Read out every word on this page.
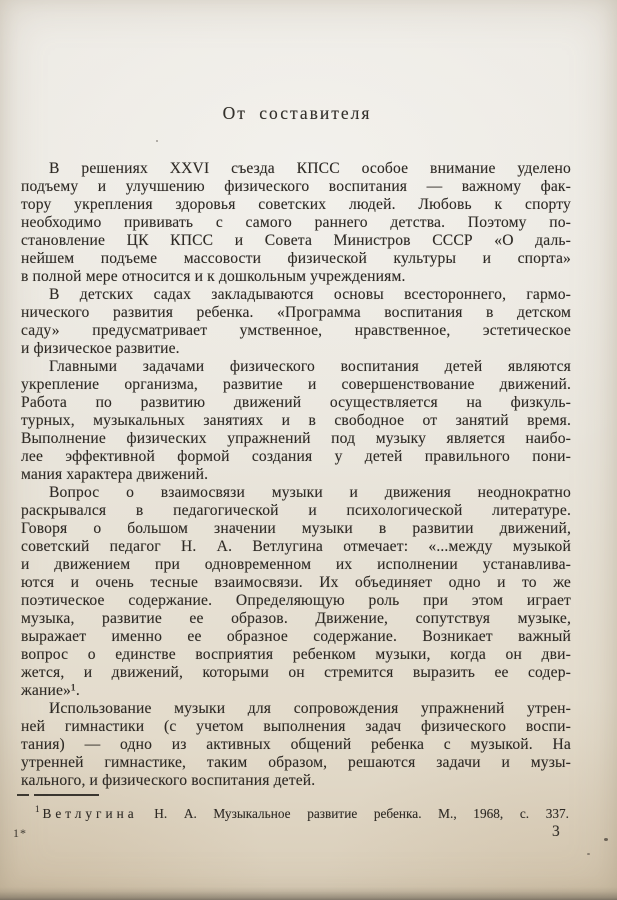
От составителя
В решениях XXVI съезда КПСС особое внимание уделено
подъему и улучшению физического воспитания — важному фак-
тору укрепления здоровья советских людей. Любовь к спорту
необходимо прививать с самого раннего детства. Поэтому по-
становление ЦК КПСС и Совета Министров СССР «О даль-
нейшем подъеме массовости физической культуры и спорта»
в полной мере относится и к дошкольным учреждениям.
В детских садах закладываются основы всестороннего, гармо-
нического развития ребенка. «Программа воспитания в детском
саду» предусматривает умственное, нравственное, эстетическое
и физическое развитие.
Главными задачами физического воспитания детей являются
укрепление организма, развитие и совершенствование движений.
Работа по развитию движений осуществляется на физкуль-
турных, музыкальных занятиях и в свободное от занятий время.
Выполнение физических упражнений под музыку является наибо-
лее эффективной формой создания у детей правильного пони-
мания характера движений.
Вопрос о взаимосвязи музыки и движения неоднократно
раскрывался в педагогической и психологической литературе.
Говоря о большом значении музыки в развитии движений,
советский педагог Н. А. Ветлугина отмечает: «...между музыкой
и движением при одновременном их исполнении устанавлива-
ются и очень тесные взаимосвязи. Их объединяет одно и то же
поэтическое содержание. Определяющую роль при этом играет
музыка, развитие ее образов. Движение, сопутствуя музыке,
выражает именно ее образное содержание. Возникает важный
вопрос о единстве восприятия ребенком музыки, когда он дви-
жется, и движений, которыми он стремится выразить ее содер-
жание»¹.
Использование музыки для сопровождения упражнений утрен-
ней гимнастики (с учетом выполнения задач физического воспи-
тания) — одно из активных общений ребенка с музыкой. На
утренней гимнастике, таким образом, решаются задачи и музы-
кального, и физического воспитания детей.
$^1$ Ветлугина Н. А. Музыкальное развитие ребенка. М., 1968, с. 337.
1*	3
